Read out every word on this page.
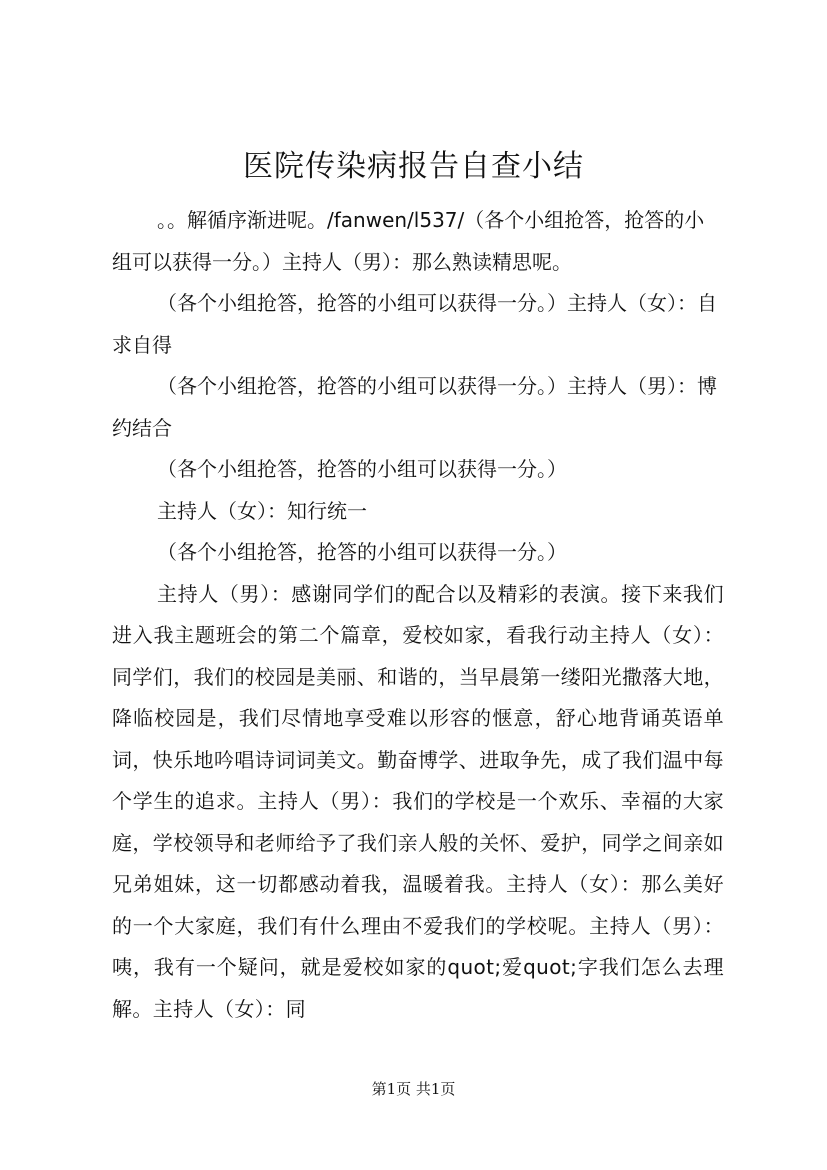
医院传染病报告自查小结

。。解循序渐进呢。/fanwen/l537/（各个小组抢答，抢答的小组可以获得一分。）主持人（男）：那么熟读精思呢。

（各个小组抢答，抢答的小组可以获得一分。）主持人（女）：自求自得

（各个小组抢答，抢答的小组可以获得一分。）主持人（男）：博约结合

（各个小组抢答，抢答的小组可以获得一分。）

主持人（女）：知行统一

（各个小组抢答，抢答的小组可以获得一分。）

主持人（男）：感谢同学们的配合以及精彩的表演。接下来我们进入我主题班会的第二个篇章，爱校如家，看我行动主持人（女）：同学们，我们的校园是美丽、和谐的，当早晨第一缕阳光撒落大地，降临校园是，我们尽情地享受难以形容的惬意，舒心地背诵英语单词，快乐地吟唱诗词词美文。勤奋博学、进取争先，成了我们温中每个学生的追求。主持人（男）：我们的学校是一个欢乐、幸福的大家庭，学校领导和老师给予了我们亲人般的关怀、爱护，同学之间亲如兄弟姐妹，这一切都感动着我，温暖着我。主持人（女）：那么美好的一个大家庭，我们有什么理由不爱我们的学校呢。主持人（男）：咦，我有一个疑问，就是爱校如家的quot;爱quot;字我们怎么去理解。主持人（女）：同

第1页 共1页
